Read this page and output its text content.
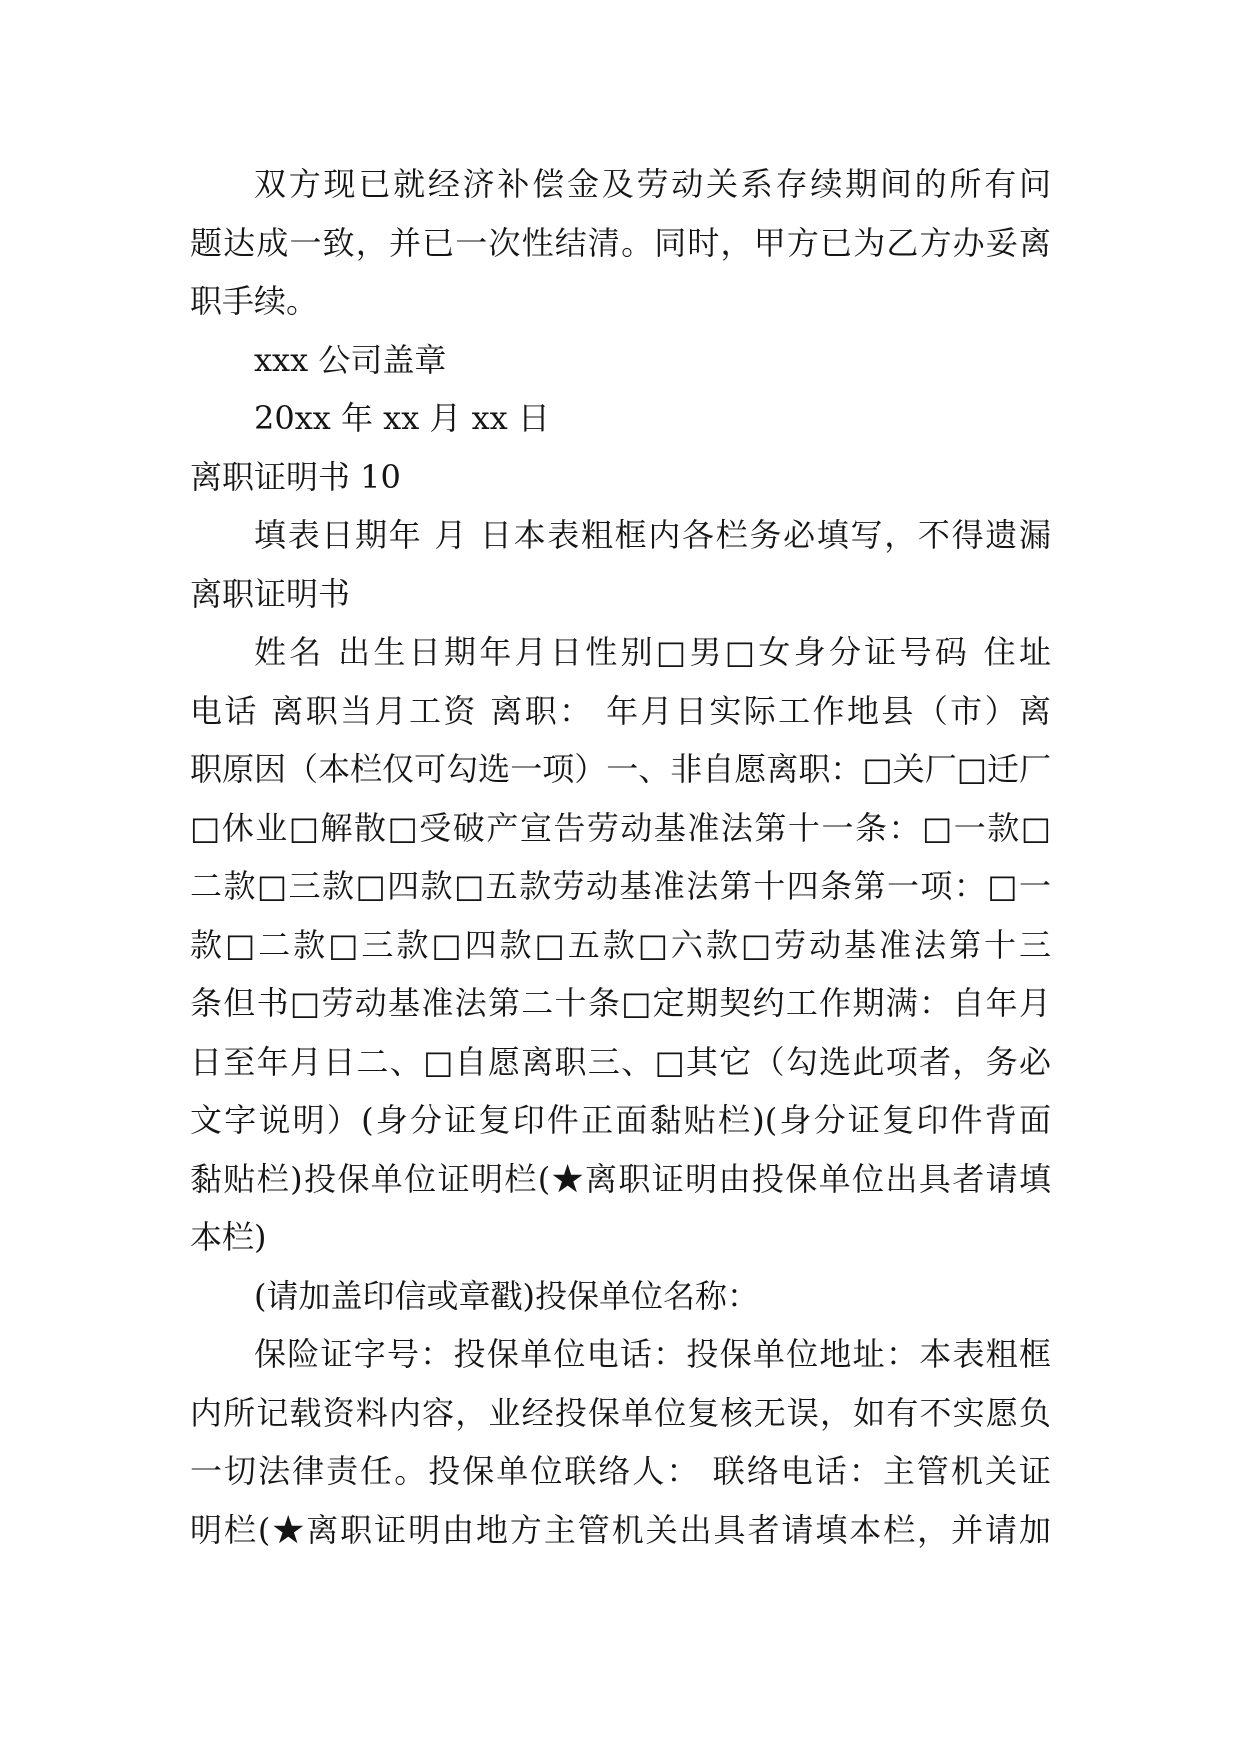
双方现已就经济补偿金及劳动关系存续期间的所有问
题达成一致，并已一次性结清。同时，甲方已为乙方办妥离
职手续。
xxx 公司盖章
20xx 年 xx 月 xx 日
离职证明书 10
填表日期年 月 日本表粗框内各栏务必填写，不得遗漏
离职证明书
姓名 出生日期年月日性别□男□女身分证号码 住址
电话 离职当月工资 离职： 年月日实际工作地县（市）离
职原因（本栏仅可勾选一项）一、非自愿离职：□关厂□迁厂
□休业□解散□受破产宣告劳动基准法第十一条：□一款□
二款□三款□四款□五款劳动基准法第十四条第一项：□一
款□二款□三款□四款□五款□六款□劳动基准法第十三
条但书□劳动基准法第二十条□定期契约工作期满：自年月
日至年月日二、□自愿离职三、□其它（勾选此项者，务必
文字说明）(身分证复印件正面黏贴栏)(身分证复印件背面
黏贴栏)投保单位证明栏(★离职证明由投保单位出具者请填
本栏)
(请加盖印信或章戳)投保单位名称：
保险证字号：投保单位电话：投保单位地址：本表粗框
内所记载资料内容，业经投保单位复核无误，如有不实愿负
一切法律责任。投保单位联络人： 联络电话：主管机关证
明栏(★离职证明由地方主管机关出具者请填本栏，并请加
